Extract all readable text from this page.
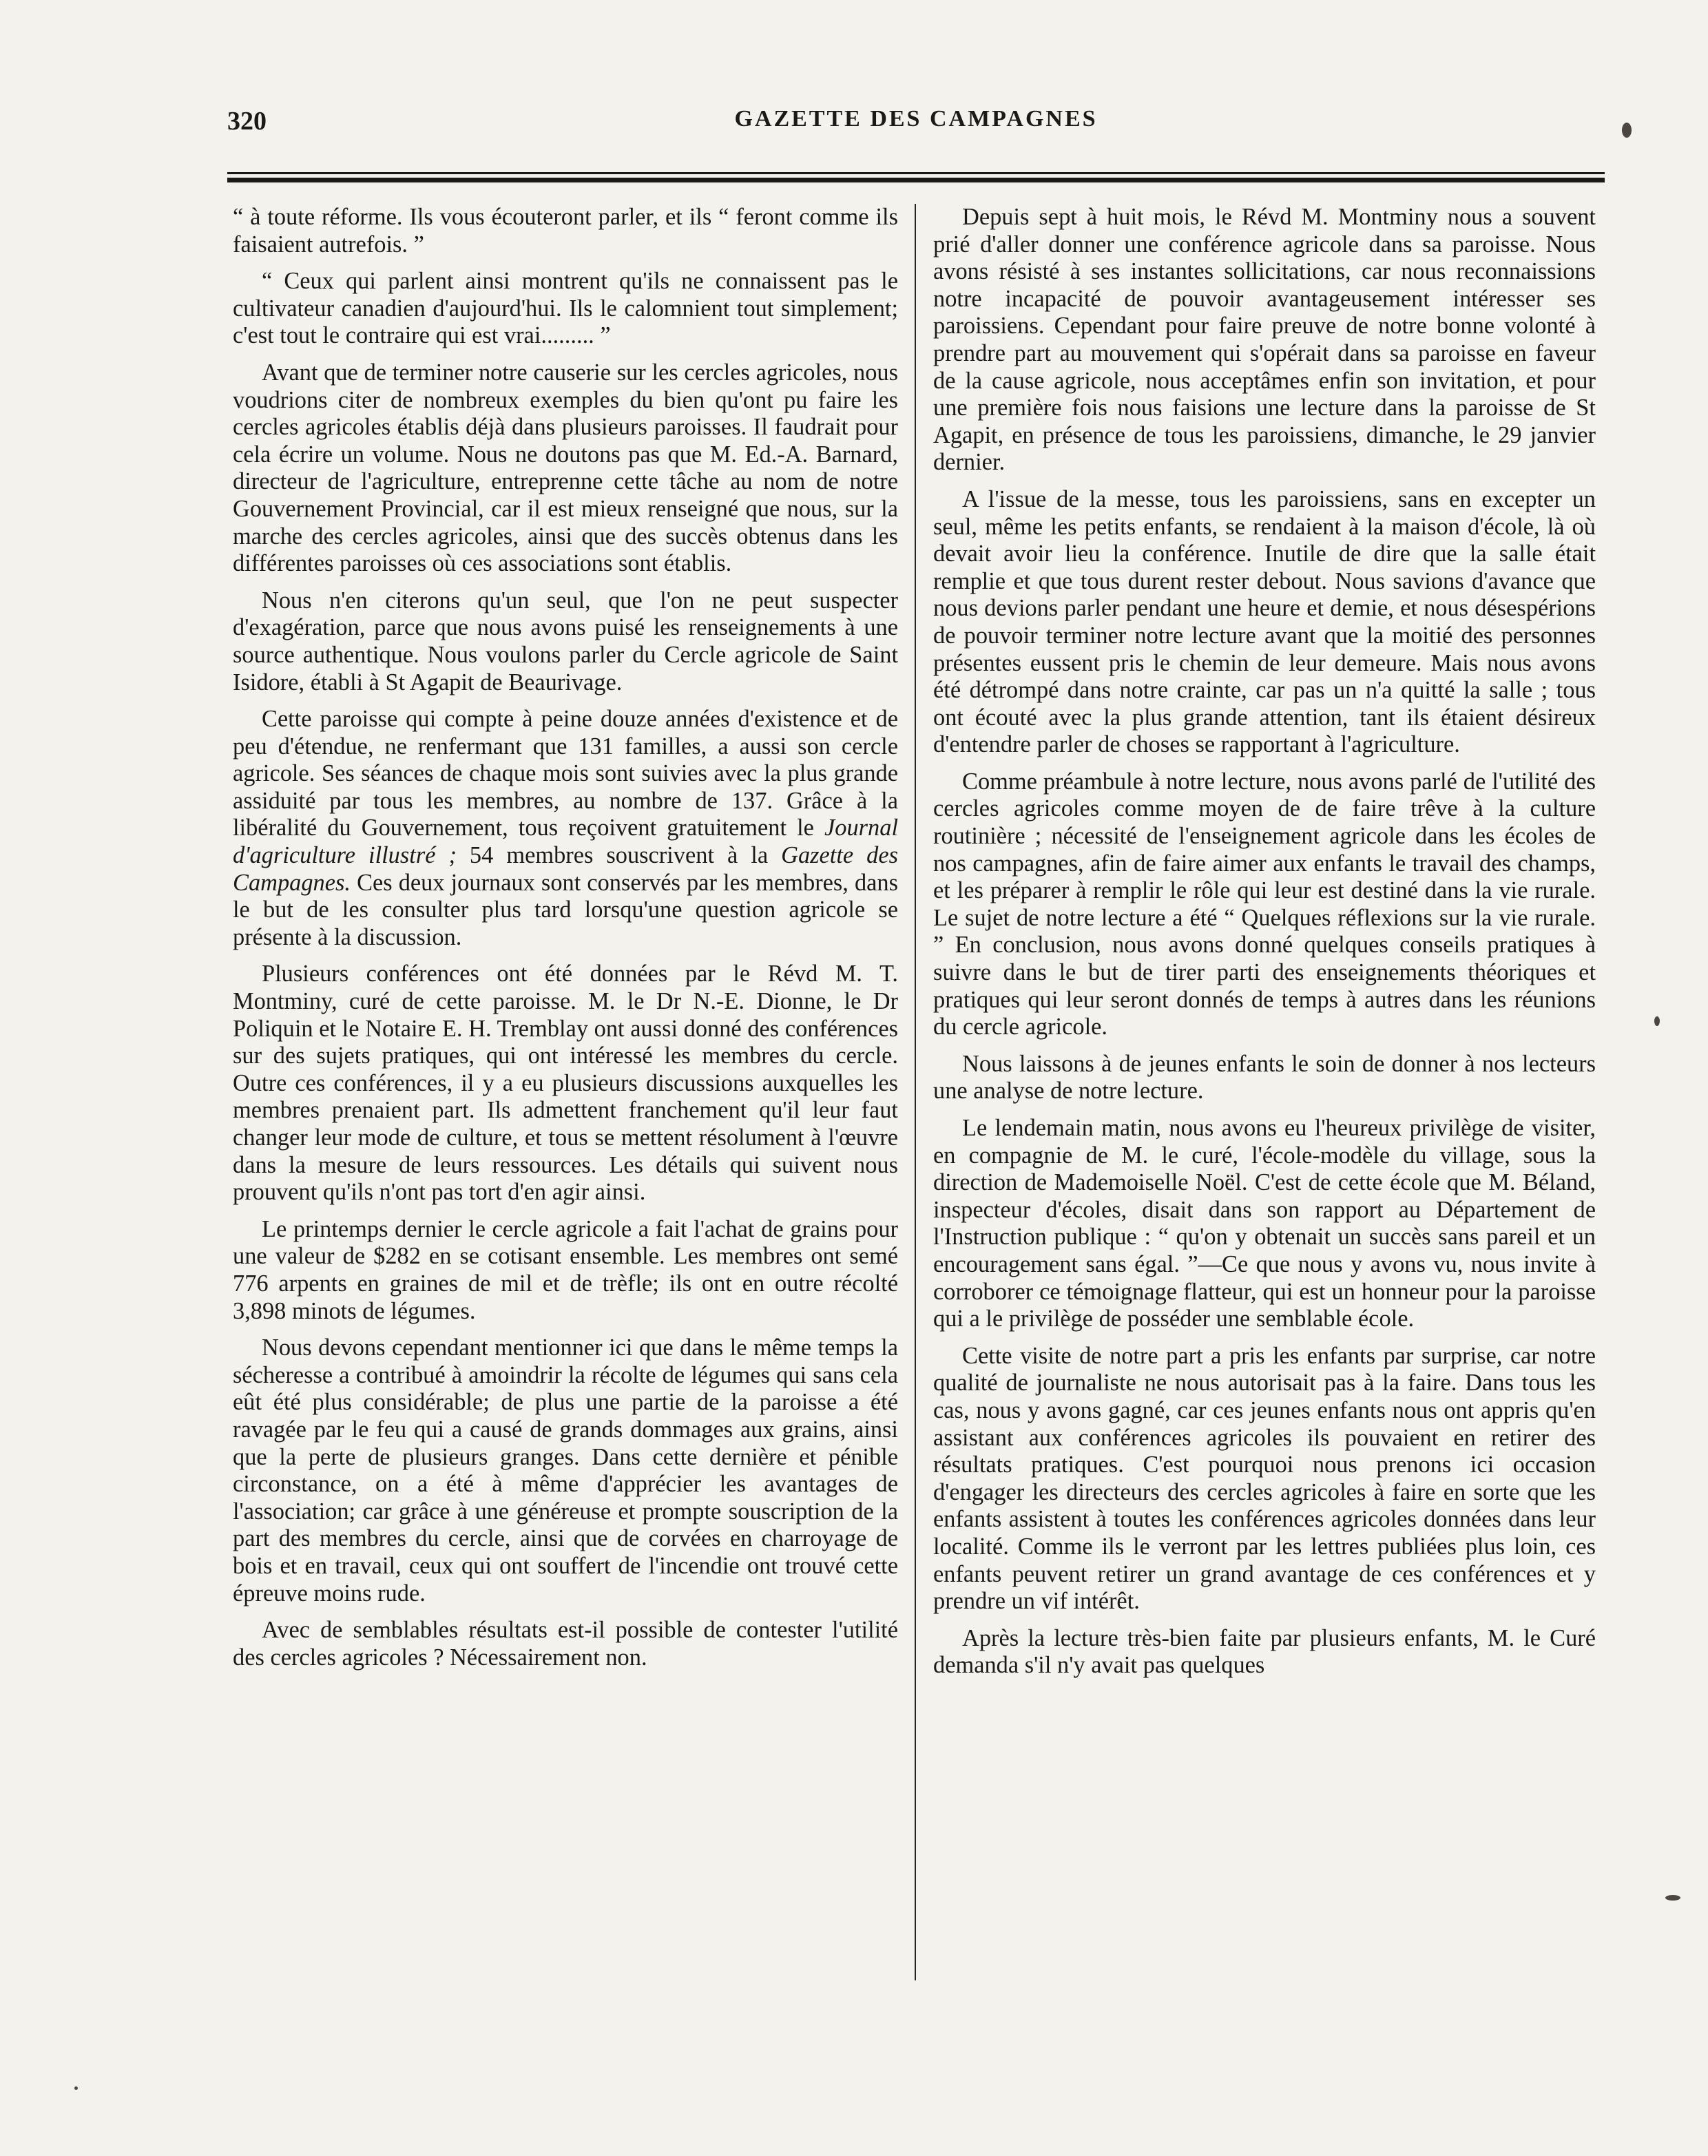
320	GAZETTE DES CAMPAGNES

“ à toute réforme. Ils vous écouteront parler, et ils “ feront comme ils faisaient autrefois. ”

“ Ceux qui parlent ainsi montrent qu'ils ne connaissent pas le cultivateur canadien d'aujourd'hui. Ils le calomnient tout simplement; c'est tout le contraire qui est vrai......... ”

Avant que de terminer notre causerie sur les cercles agricoles, nous voudrions citer de nombreux exemples du bien qu'ont pu faire les cercles agricoles établis déjà dans plusieurs paroisses. Il faudrait pour cela écrire un volume. Nous ne doutons pas que M. Ed.-A. Barnard, directeur de l'agriculture, entreprenne cette tâche au nom de notre Gouvernement Provincial, car il est mieux renseigné que nous, sur la marche des cercles agricoles, ainsi que des succès obtenus dans les différentes paroisses où ces associations sont établis.

Nous n'en citerons qu'un seul, que l'on ne peut suspecter d'exagération, parce que nous avons puisé les renseignements à une source authentique. Nous voulons parler du Cercle agricole de Saint Isidore, établi à St Agapit de Beaurivage.

Cette paroisse qui compte à peine douze années d'existence et de peu d'étendue, ne renfermant que 131 familles, a aussi son cercle agricole. Ses séances de chaque mois sont suivies avec la plus grande assiduité par tous les membres, au nombre de 137. Grâce à la libéralité du Gouvernement, tous reçoivent gratuitement le Journal d'agriculture illustré ; 54 membres souscrivent à la Gazette des Campagnes. Ces deux journaux sont conservés par les membres, dans le but de les consulter plus tard lorsqu'une question agricole se présente à la discussion.

Plusieurs conférences ont été données par le Révd M. T. Montminy, curé de cette paroisse. M. le Dr N.-E. Dionne, le Dr Poliquin et le Notaire E. H. Tremblay ont aussi donné des conférences sur des sujets pratiques, qui ont intéressé les membres du cercle. Outre ces conférences, il y a eu plusieurs discussions auxquelles les membres prenaient part. Ils admettent franchement qu'il leur faut changer leur mode de culture, et tous se mettent résolument à l'œuvre dans la mesure de leurs ressources. Les détails qui suivent nous prouvent qu'ils n'ont pas tort d'en agir ainsi.

Le printemps dernier le cercle agricole a fait l'achat de grains pour une valeur de $282 en se cotisant ensemble. Les membres ont semé 776 arpents en graines de mil et de trèfle; ils ont en outre récolté 3,898 minots de légumes.

Nous devons cependant mentionner ici que dans le même temps la sécheresse a contribué à amoindrir la récolte de légumes qui sans cela eût été plus considérable; de plus une partie de la paroisse a été ravagée par le feu qui a causé de grands dommages aux grains, ainsi que la perte de plusieurs granges. Dans cette dernière et pénible circonstance, on a été à même d'apprécier les avantages de l'association; car grâce à une généreuse et prompte souscription de la part des membres du cercle, ainsi que de corvées en charroyage de bois et en travail, ceux qui ont souffert de l'incendie ont trouvé cette épreuve moins rude.

Avec de semblables résultats est-il possible de contester l'utilité des cercles agricoles ? Nécessairement non.

Depuis sept à huit mois, le Révd M. Montminy nous a souvent prié d'aller donner une conférence agricole dans sa paroisse. Nous avons résisté à ses instantes sollicitations, car nous reconnaissions notre incapacité de pouvoir avantageusement intéresser ses paroissiens. Cependant pour faire preuve de notre bonne volonté à prendre part au mouvement qui s'opérait dans sa paroisse en faveur de la cause agricole, nous acceptâmes enfin son invitation, et pour une première fois nous faisions une lecture dans la paroisse de St Agapit, en présence de tous les paroissiens, dimanche, le 29 janvier dernier.

A l'issue de la messe, tous les paroissiens, sans en excepter un seul, même les petits enfants, se rendaient à la maison d'école, là où devait avoir lieu la conférence. Inutile de dire que la salle était remplie et que tous durent rester debout. Nous savions d'avance que nous devions parler pendant une heure et demie, et nous désespérions de pouvoir terminer notre lecture avant que la moitié des personnes présentes eussent pris le chemin de leur demeure. Mais nous avons été détrompé dans notre crainte, car pas un n'a quitté la salle ; tous ont écouté avec la plus grande attention, tant ils étaient désireux d'entendre parler de choses se rapportant à l'agriculture.

Comme préambule à notre lecture, nous avons parlé de l'utilité des cercles agricoles comme moyen de de faire trêve à la culture routinière ; nécessité de l'enseignement agricole dans les écoles de nos campagnes, afin de faire aimer aux enfants le travail des champs, et les préparer à remplir le rôle qui leur est destiné dans la vie rurale. Le sujet de notre lecture a été “ Quelques réflexions sur la vie rurale. ” En conclusion, nous avons donné quelques conseils pratiques à suivre dans le but de tirer parti des enseignements théoriques et pratiques qui leur seront donnés de temps à autres dans les réunions du cercle agricole.

Nous laissons à de jeunes enfants le soin de donner à nos lecteurs une analyse de notre lecture.

Le lendemain matin, nous avons eu l'heureux privilège de visiter, en compagnie de M. le curé, l'école-modèle du village, sous la direction de Mademoiselle Noël. C'est de cette école que M. Béland, inspecteur d'écoles, disait dans son rapport au Département de l'Instruction publique : “ qu'on y obtenait un succès sans pareil et un encouragement sans égal. ”—Ce que nous y avons vu, nous invite à corroborer ce témoignage flatteur, qui est un honneur pour la paroisse qui a le privilège de posséder une semblable école.

Cette visite de notre part a pris les enfants par surprise, car notre qualité de journaliste ne nous autorisait pas à la faire. Dans tous les cas, nous y avons gagné, car ces jeunes enfants nous ont appris qu'en assistant aux conférences agricoles ils pouvaient en retirer des résultats pratiques. C'est pourquoi nous prenons ici occasion d'engager les directeurs des cercles agricoles à faire en sorte que les enfants assistent à toutes les conférences agricoles données dans leur localité. Comme ils le verront par les lettres publiées plus loin, ces enfants peuvent retirer un grand avantage de ces conférences et y prendre un vif intérêt.

Après la lecture très-bien faite par plusieurs enfants, M. le Curé demanda s'il n'y avait pas quelques
